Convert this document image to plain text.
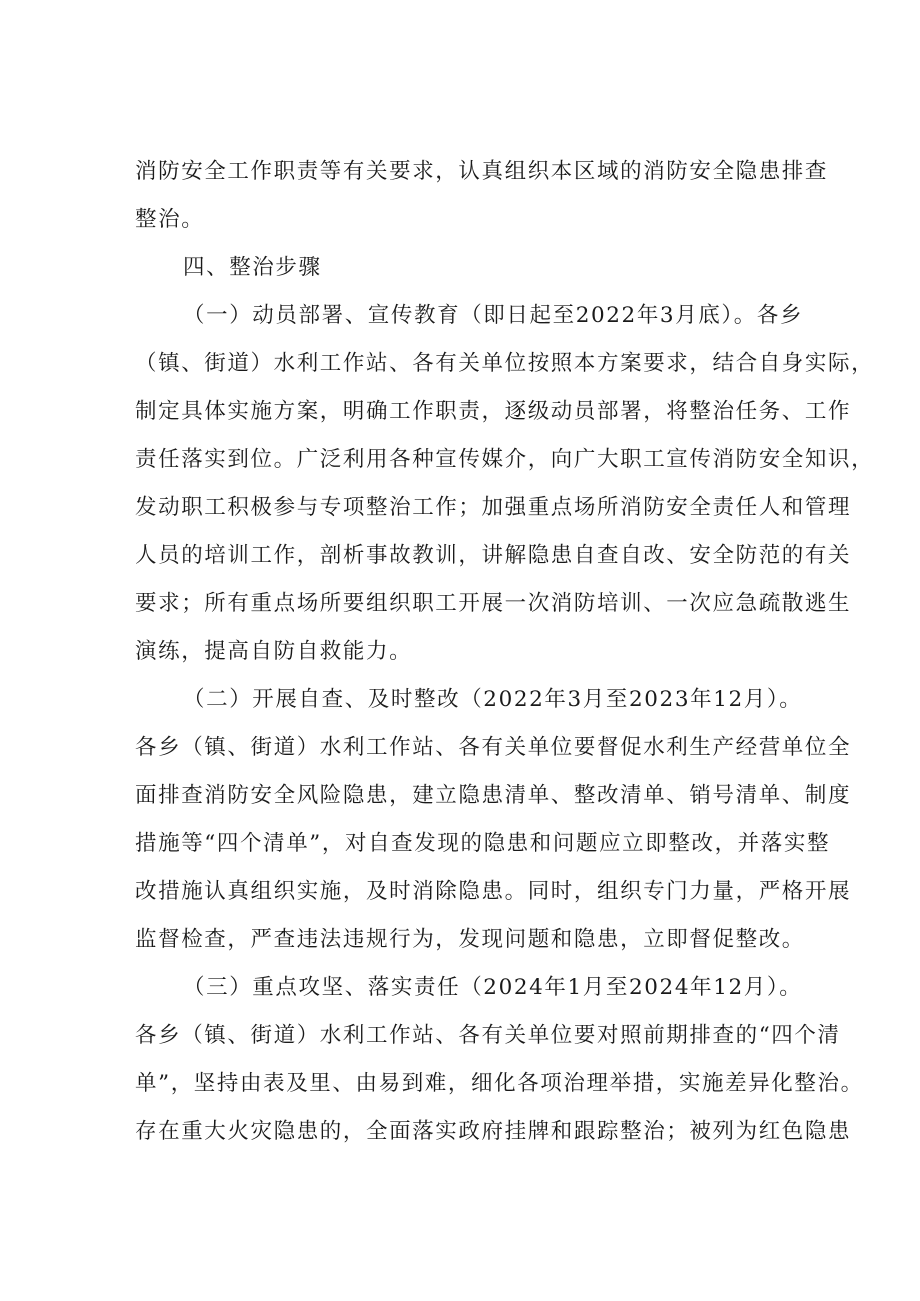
消防安全工作职责等有关要求，认真组织本区域的消防安全隐患排查

整治。

四、整治步骤

（一）动员部署、宣传教育（即日起至2022年3月底）。各乡

（镇、街道）水利工作站、各有关单位按照本方案要求，结合自身实际，

制定具体实施方案，明确工作职责，逐级动员部署，将整治任务、工作

责任落实到位。广泛利用各种宣传媒介，向广大职工宣传消防安全知识，

发动职工积极参与专项整治工作；加强重点场所消防安全责任人和管理

人员的培训工作，剖析事故教训，讲解隐患自查自改、安全防范的有关

要求；所有重点场所要组织职工开展一次消防培训、一次应急疏散逃生

演练，提高自防自救能力。

（二）开展自查、及时整改（2022年3月至2023年12月）。

各乡（镇、街道）水利工作站、各有关单位要督促水利生产经营单位全

面排查消防安全风险隐患，建立隐患清单、整改清单、销号清单、制度

措施等“四个清单”，对自查发现的隐患和问题应立即整改，并落实整

改措施认真组织实施，及时消除隐患。同时，组织专门力量，严格开展

监督检查，严查违法违规行为，发现问题和隐患，立即督促整改。

（三）重点攻坚、落实责任（2024年1月至2024年12月）。

各乡（镇、街道）水利工作站、各有关单位要对照前期排查的“四个清

单”，坚持由表及里、由易到难，细化各项治理举措，实施差异化整治。

存在重大火灾隐患的，全面落实政府挂牌和跟踪整治；被列为红色隐患
